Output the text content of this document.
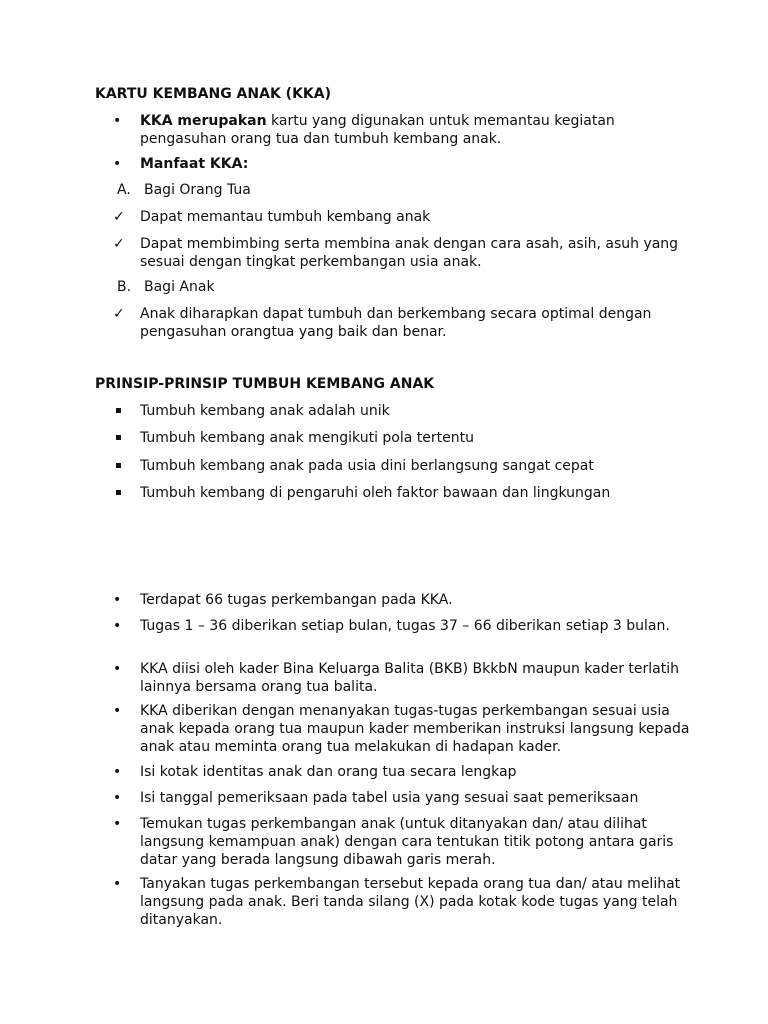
KARTU KEMBANG ANAK (KKA)
•	KKA merupakan kartu yang digunakan untuk memantau kegiatan pengasuhan orang tua dan tumbuh kembang anak.
•	Manfaat KKA:
A. Bagi Orang Tua
✓	Dapat memantau tumbuh kembang anak
✓	Dapat membimbing serta membina anak dengan cara asah, asih, asuh yang sesuai dengan tingkat perkembangan usia anak.
B. Bagi Anak
✓	Anak diharapkan dapat tumbuh dan berkembang secara optimal dengan pengasuhan orangtua yang baik dan benar.
PRINSIP-PRINSIP TUMBUH KEMBANG ANAK
Tumbuh kembang anak adalah unik
Tumbuh kembang anak mengikuti pola tertentu
Tumbuh kembang anak pada usia dini berlangsung sangat cepat
Tumbuh kembang di pengaruhi oleh faktor bawaan dan lingkungan
•	Terdapat 66 tugas perkembangan pada KKA.
•	Tugas 1 – 36 diberikan setiap bulan, tugas 37 – 66 diberikan setiap 3 bulan.
•	KKA diisi oleh kader Bina Keluarga Balita (BKB) BkkbN maupun kader terlatih lainnya bersama orang tua balita.
•	KKA diberikan dengan menanyakan tugas-tugas perkembangan sesuai usia anak kepada orang tua maupun kader memberikan instruksi langsung kepada anak atau meminta orang tua melakukan di hadapan kader.
•	Isi kotak identitas anak dan orang tua secara lengkap
•	Isi tanggal pemeriksaan pada tabel usia yang sesuai saat pemeriksaan
•	Temukan tugas perkembangan anak (untuk ditanyakan dan/ atau dilihat langsung kemampuan anak) dengan cara tentukan titik potong antara garis datar yang berada langsung dibawah garis merah.
•	Tanyakan tugas perkembangan tersebut kepada orang tua dan/ atau melihat langsung pada anak. Beri tanda silang (X) pada kotak kode tugas yang telah ditanyakan.
